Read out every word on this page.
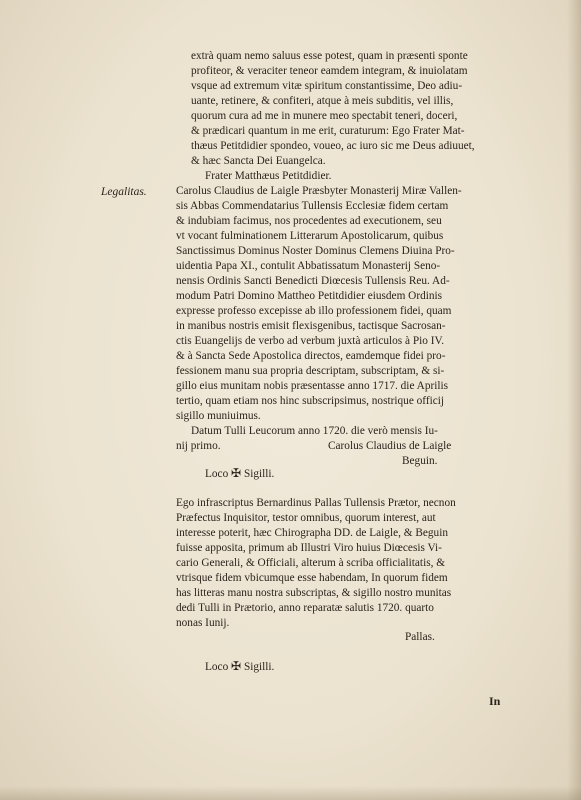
extrà quam nemo saluus esse potest, quam in præsenti sponte
profiteor, & veraciter teneor eamdem integram, & inuiolatam
vsque ad extremum vitæ spiritum constantissime, Deo adiu-
uante, retinere, & confiteri, atque à meis subditis, vel illis,
quorum cura ad me in munere meo spectabit teneri, doceri,
& prædicari quantum in me erit, curaturum: Ego Frater Mat-
thæus Petitdidier spondeo, voueo, ac iuro sic me Deus adiuuet,
& hæc Sancta Dei Euangelca.
Frater Matthæus Petitdidier.
Legalitas.	Carolus Claudius de Laigle Præsbyter Monasterij Miræ Vallen-
sis Abbas Commendatarius Tullensis Ecclesiæ fidem certam
& indubiam facimus, nos procedentes ad executionem, seu
vt vocant fulminationem Litterarum Apostolicarum, quibus
Sanctissimus Dominus Noster Dominus Clemens Diuina Pro-
uidentia Papa XI., contulit Abbatissatum Monasterij Seno-
nensis Ordinis Sancti Benedicti Diœcesis Tullensis Reu. Ad-
modum Patri Domino Mattheo Petitdidier eiusdem Ordinis
expresse professo excepisse ab illo professionem fidei, quam
in manibus nostris emisit flexisgenibus, tactisque Sacrosan-
ctis Euangelijs de verbo ad verbum juxtà articulos à Pio IV.
& à Sancta Sede Apostolica directos, eamdemque fidei pro-
fessionem manu sua propria descriptam, subscriptam, & si-
gillo eius munitam nobis præsentasse anno 1717. die Aprilis
tertio, quam etiam nos hinc subscripsimus, nostrique officij
sigillo muniuimus.
Datum Tulli Leucorum anno 1720. die verò mensis Iu-
nij primo.	Carolus Claudius de Laigle
Beguin.
Loco ✠ Sigilli.
Ego infrascriptus Bernardinus Pallas Tullensis Prætor, necnon
Præfectus Inquisitor, testor omnibus, quorum interest, aut
interesse poterit, hæc Chirographa DD. de Laigle, & Beguin
fuisse apposita, primum ab Illustri Viro huius Diœcesis Vi-
cario Generali, & Officiali, alterum à scriba officialitatis, &
vtrisque fidem vbicumque esse habendam, In quorum fidem
has litteras manu nostra subscriptas, & sigillo nostro munitas
dedi Tulli in Prætorio, anno reparatæ salutis 1720. quarto
nonas Iunij.
Pallas.
Loco ✠ Sigilli.
In
